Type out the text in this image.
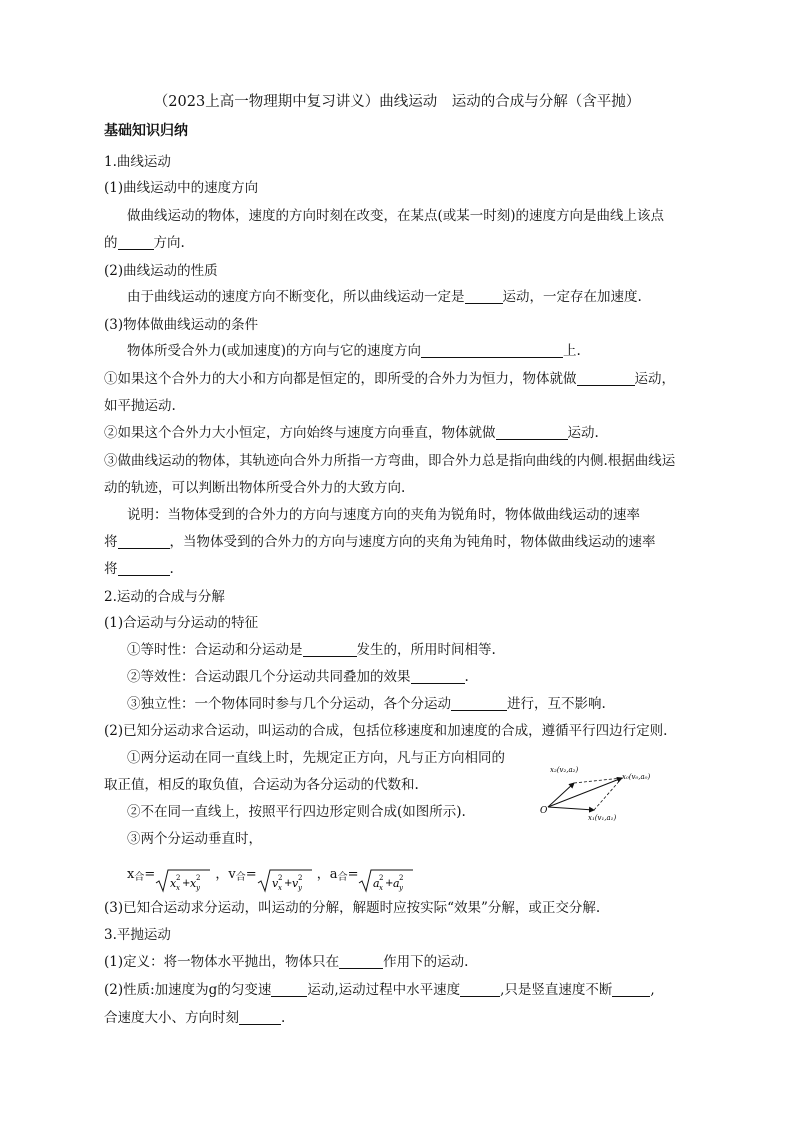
（2023上高一物理期中复习讲义）曲线运动　运动的合成与分解（含平抛）
基础知识归纳
1.曲线运动
(1)曲线运动中的速度方向
做曲线运动的物体，速度的方向时刻在改变，在某点(或某一时刻)的速度方向是曲线上该点
的	方向.
(2)曲线运动的性质
由于曲线运动的速度方向不断变化，所以曲线运动一定是	运动，一定存在加速度.
(3)物体做曲线运动的条件
物体所受合外力(或加速度)的方向与它的速度方向	上.
①如果这个合外力的大小和方向都是恒定的，即所受的合外力为恒力，物体就做	运动，
如平抛运动.
②如果这个合外力大小恒定，方向始终与速度方向垂直，物体就做	运动.
③做曲线运动的物体，其轨迹向合外力所指一方弯曲，即合外力总是指向曲线的内侧.根据曲线运
动的轨迹，可以判断出物体所受合外力的大致方向.
说明：当物体受到的合外力的方向与速度方向的夹角为锐角时，物体做曲线运动的速率
将	，当物体受到的合外力的方向与速度方向的夹角为钝角时，物体做曲线运动的速率
将	.
2.运动的合成与分解
(1)合运动与分运动的特征
①等时性：合运动和分运动是	发生的，所用时间相等.
②等效性：合运动跟几个分运动共同叠加的效果	.
③独立性：一个物体同时参与几个分运动，各个分运动	进行，互不影响.
(2)已知分运动求合运动，叫运动的合成，包括位移速度和加速度的合成，遵循平行四边行定则.
①两分运动在同一直线上时，先规定正方向，凡与正方向相同的
取正值，相反的取负值，合运动为各分运动的代数和.
②不在同一直线上，按照平行四边形定则合成(如图所示).
③两个分运动垂直时，
$x_合=$
x x
2 + x y
2 ，$v_合=$
v x
2 + v y
2 ，$a_合=$
a x
2 + a y
2
(3)已知合运动求分运动，叫运动的分解，解题时应按实际“效果”分解，或正交分解.
3.平抛运动
(1)定义：将一物体水平抛出，物体只在	作用下的运动.
(2)性质:加速度为g的匀变速	运动,运动过程中水平速度	,只是竖直速度不断	,
合速度大小、方向时刻	.
O
x₂(v₂,a₂)
x₀(v₀,a₀)
x₁(v₁,a₁)
